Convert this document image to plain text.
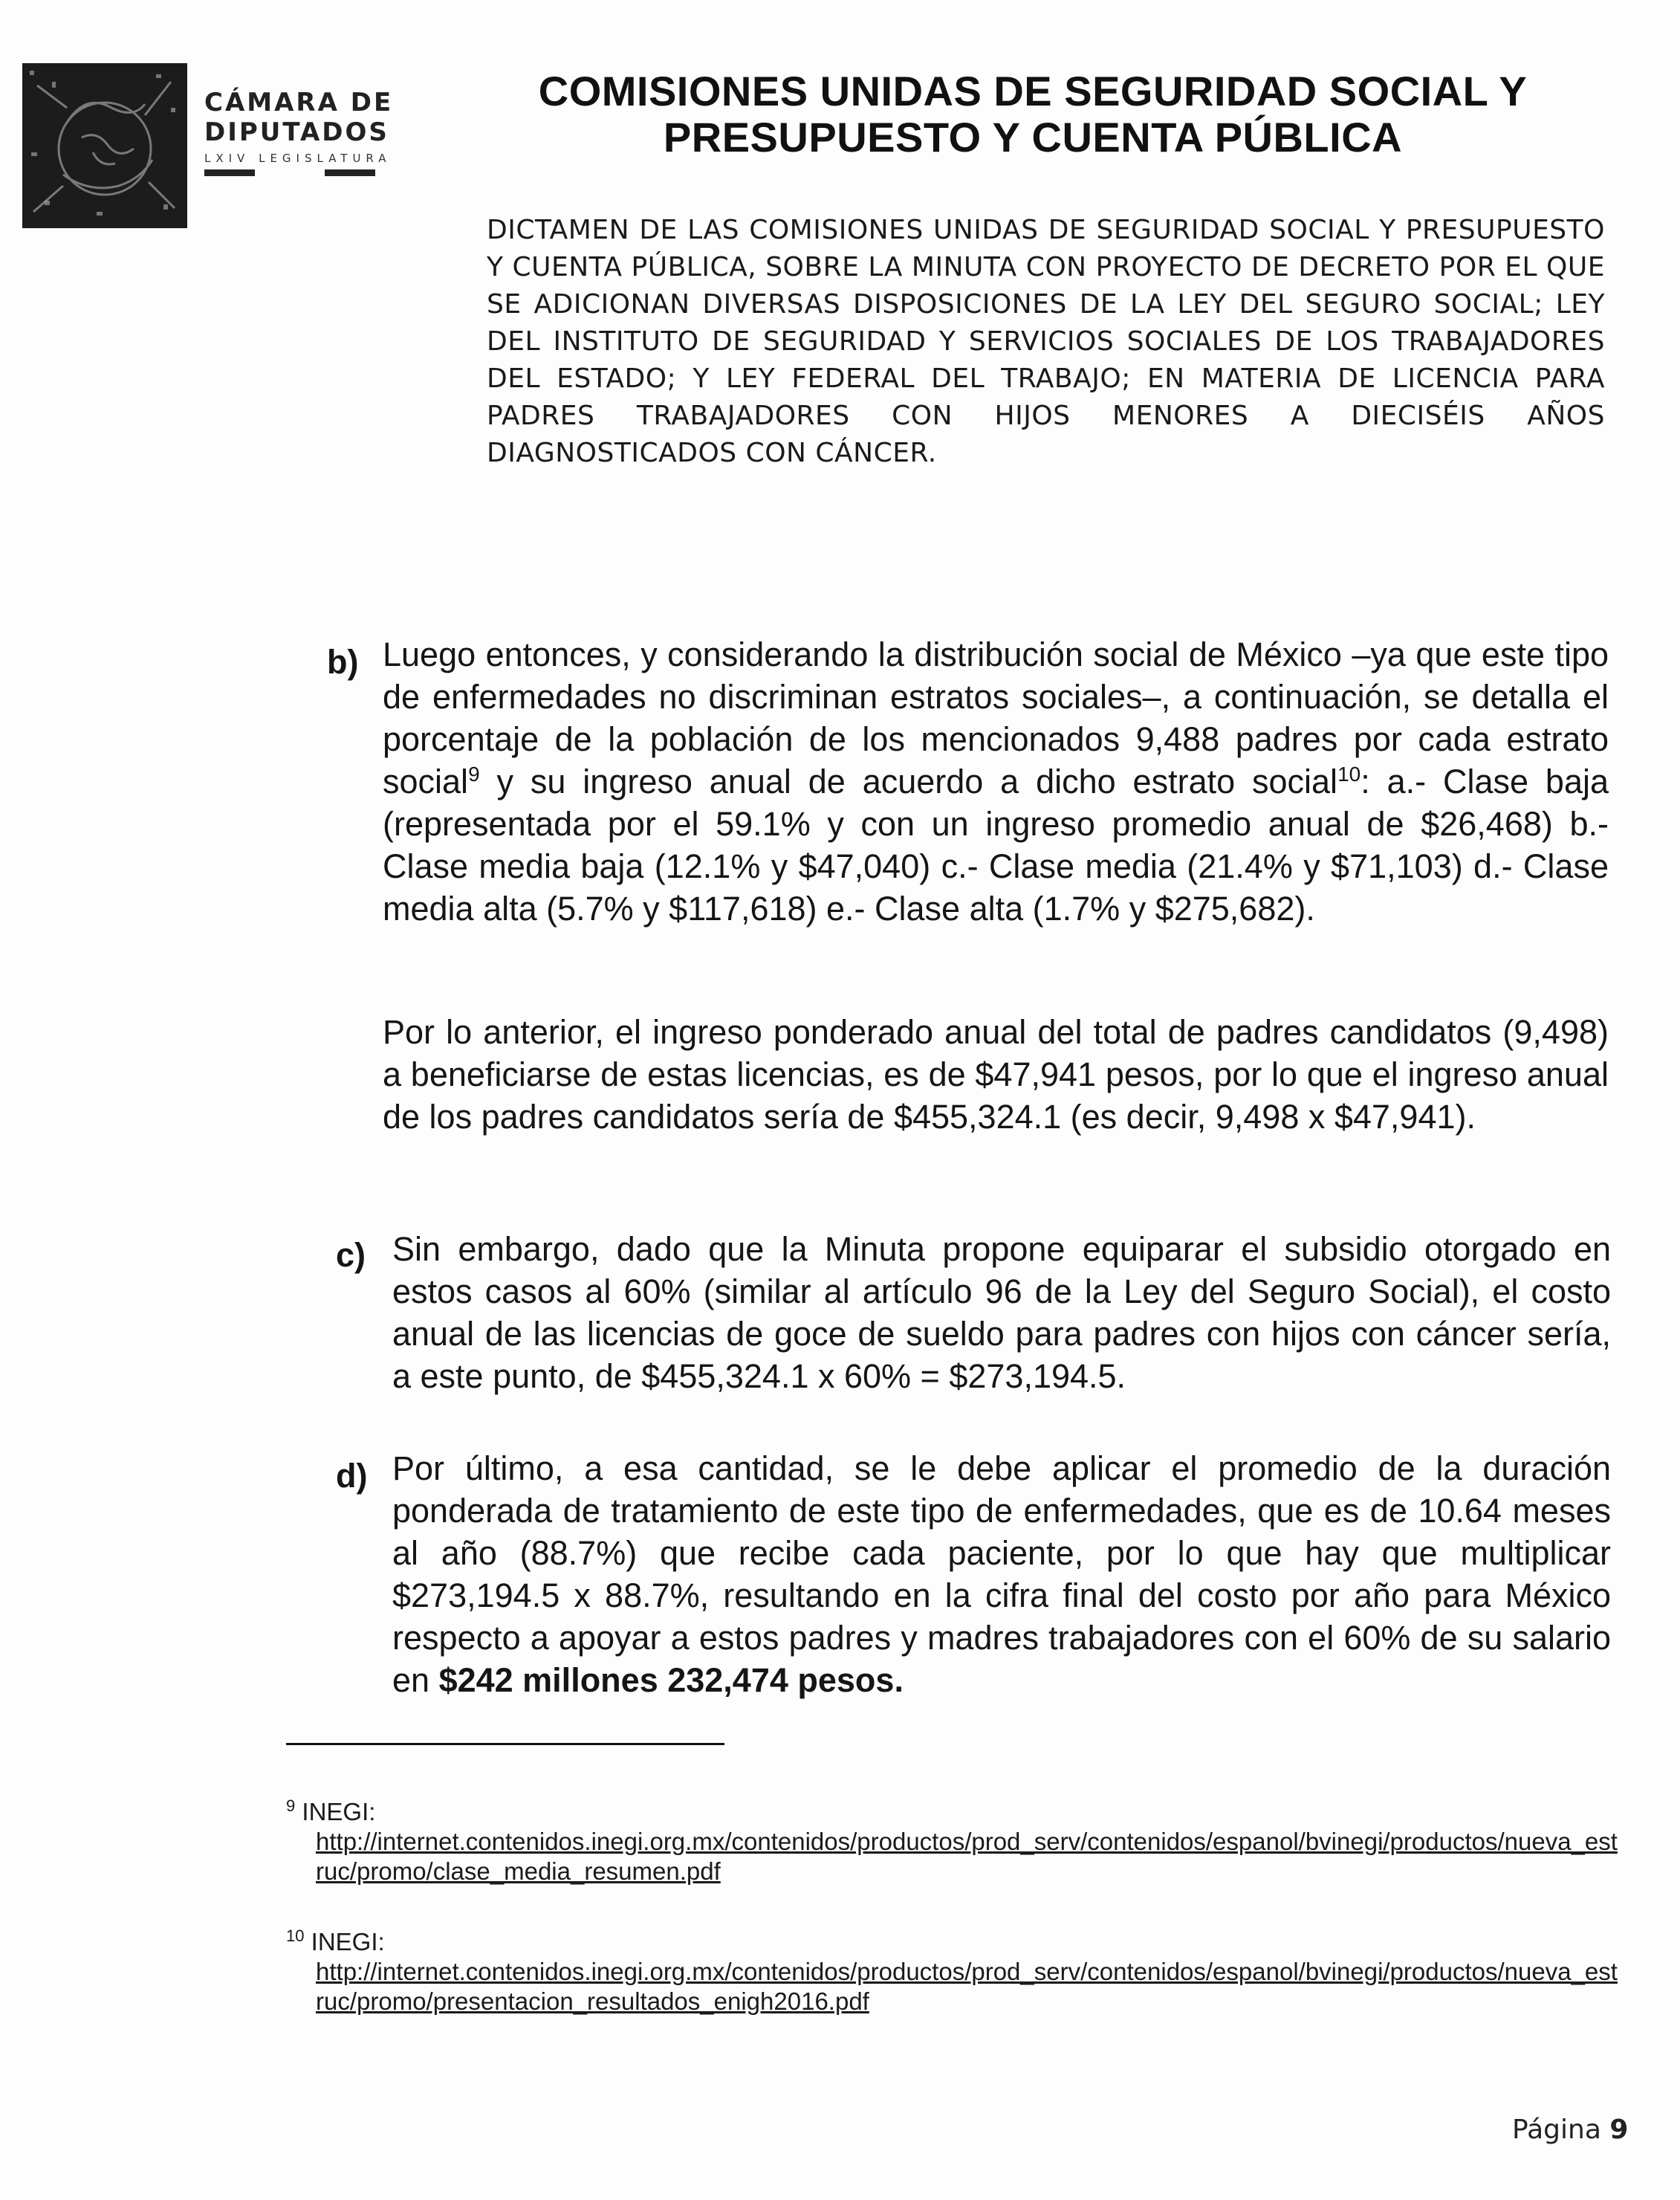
CÁMARA DE
DIPUTADOS
LXIV LEGISLATURA
COMISIONES UNIDAS DE SEGURIDAD SOCIAL Y
PRESUPUESTO Y CUENTA PÚBLICA
DICTAMEN DE LAS COMISIONES UNIDAS DE SEGURIDAD SOCIAL Y PRESUPUESTO Y CUENTA PÚBLICA, SOBRE LA MINUTA CON PROYECTO DE DECRETO POR EL QUE SE ADICIONAN DIVERSAS DISPOSICIONES DE LA LEY DEL SEGURO SOCIAL; LEY DEL INSTITUTO DE SEGURIDAD Y SERVICIOS SOCIALES DE LOS TRABAJADORES DEL ESTADO; Y LEY FEDERAL DEL TRABAJO; EN MATERIA DE LICENCIA PARA PADRES TRABAJADORES CON HIJOS MENORES A DIECISÉIS AÑOS DIAGNOSTICADOS CON CÁNCER.
b) Luego entonces, y considerando la distribución social de México –ya que este tipo de enfermedades no discriminan estratos sociales–, a continuación, se detalla el porcentaje de la población de los mencionados 9,488 padres por cada estrato social$^9$ y su ingreso anual de acuerdo a dicho estrato social$^{10}$: a.- Clase baja (representada por el 59.1% y con un ingreso promedio anual de $26,468) b.- Clase media baja (12.1% y $47,040) c.- Clase media (21.4% y $71,103) d.- Clase media alta (5.7% y $117,618) e.- Clase alta (1.7% y $275,682).
Por lo anterior, el ingreso ponderado anual del total de padres candidatos (9,498) a beneficiarse de estas licencias, es de $47,941 pesos, por lo que el ingreso anual de los padres candidatos sería de $455,324.1 (es decir, 9,498 x $47,941).
c) Sin embargo, dado que la Minuta propone equiparar el subsidio otorgado en estos casos al 60% (similar al artículo 96 de la Ley del Seguro Social), el costo anual de las licencias de goce de sueldo para padres con hijos con cáncer sería, a este punto, de $455,324.1 x 60% = $273,194.5.
d) Por último, a esa cantidad, se le debe aplicar el promedio de la duración ponderada de tratamiento de este tipo de enfermedades, que es de 10.64 meses al año (88.7%) que recibe cada paciente, por lo que hay que multiplicar $273,194.5 x 88.7%, resultando en la cifra final del costo por año para México respecto a apoyar a estos padres y madres trabajadores con el 60% de su salario en $242 millones 232,474 pesos.
$^9$ INEGI:
http://internet.contenidos.inegi.org.mx/contenidos/productos/prod_serv/contenidos/espanol/bvinegi/productos/nueva_estruc/promo/clase_media_resumen.pdf
$^{10}$ INEGI:
http://internet.contenidos.inegi.org.mx/contenidos/productos/prod_serv/contenidos/espanol/bvinegi/productos/nueva_estruc/promo/presentacion_resultados_enigh2016.pdf
Página 9
